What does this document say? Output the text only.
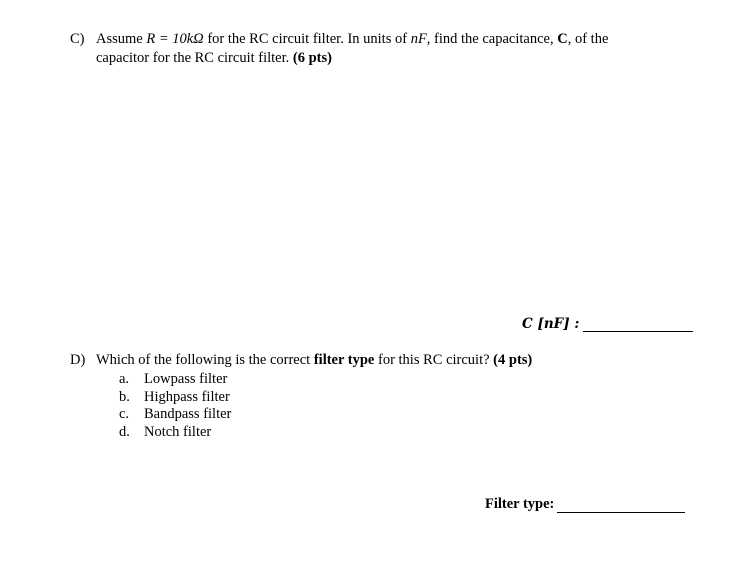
C) Assume R = 10kΩ for the RC circuit filter. In units of nF, find the capacitance, C, of the
capacitor for the RC circuit filter. (6 pts)
C [nF] :
D) Which of the following is the correct filter type for this RC circuit? (4 pts)
a.	Lowpass filter
b. Highpass filter
c.	Bandpass filter
d. Notch filter
Filter type:
